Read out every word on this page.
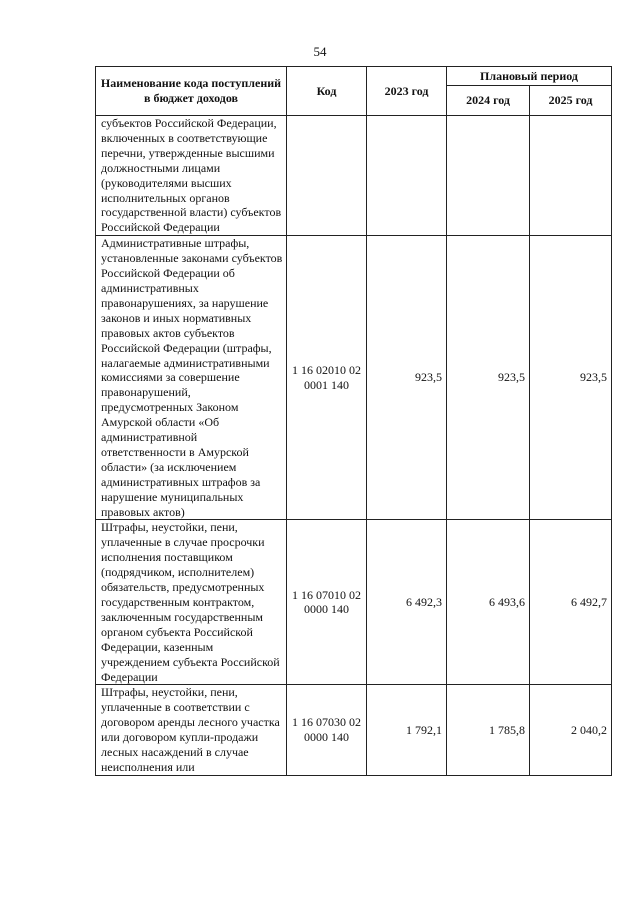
54
Наименование кода поступлений в бюджет доходов	Код	2023 год	Плановый период	
			2024 год	2025 год
субъектов Российской Федерации, включенных в соответствующие перечни, утвержденные высшими должностными лицами (руководителями высших исполнительных органов государственной власти) субъектов Российской Федерации				
Административные штрафы, установленные законами субъектов Российской Федерации об административных правонарушениях, за нарушение законов и иных нормативных правовых актов субъектов Российской Федерации (штрафы, налагаемые административными комиссиями за совершение правонарушений, предусмотренных Законом Амурской области «Об административной ответственности в Амурской области» (за исключением административных штрафов за нарушение муниципальных правовых актов)	1 16 02010 02 0001 140	923,5	923,5	923,5
Штрафы, неустойки, пени, уплаченные в случае просрочки исполнения поставщиком (подрядчиком, исполнителем) обязательств, предусмотренных государственным контрактом, заключенным государственным органом субъекта Российской Федерации, казенным учреждением субъекта Российской Федерации	1 16 07010 02 0000 140	6 492,3	6 493,6	6 492,7
Штрафы, неустойки, пени, уплаченные в соответствии с договором аренды лесного участка или договором купли-продажи лесных насаждений в случае неисполнения или	1 16 07030 02 0000 140	1 792,1	1 785,8	2 040,2
